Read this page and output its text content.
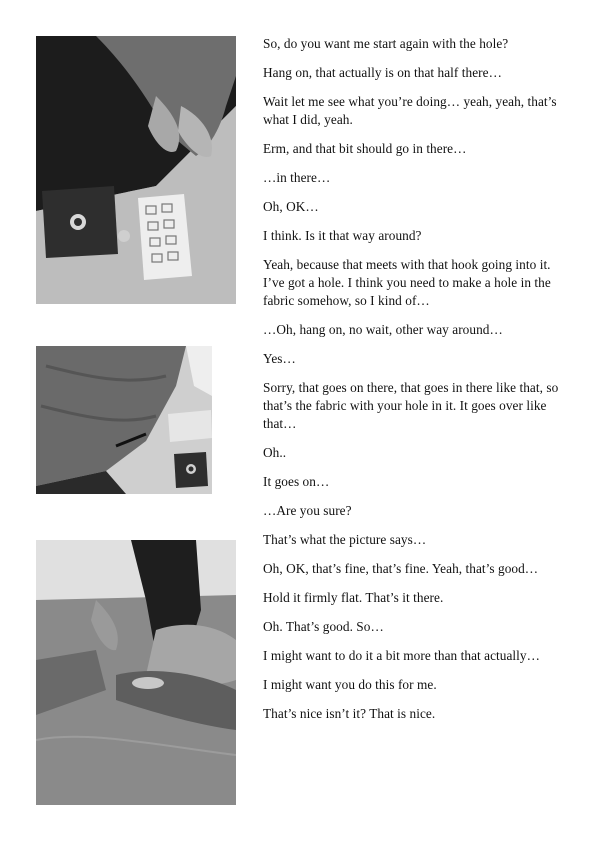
So, do you want me start again with the hole?

Hang on, that actually is on that half there…

Wait let me see what you’re doing… yeah, yeah, that’s what I did, yeah.

Erm, and that bit should go in there…

…in there…

Oh, OK…

I think. Is it that way around?

Yeah, because that meets with that hook going into it. I’ve got a hole. I think you need to make a hole in the fabric somehow, so I kind of…

…Oh, hang on, no wait, other way around…

Yes…

Sorry, that goes on there, that goes in there like that, so that’s the fabric with your hole in it. It goes over like that…

Oh..

It goes on…

…Are you sure?

That’s what the picture says…

Oh, OK, that’s fine, that’s fine. Yeah, that’s good…

Hold it firmly flat. That’s it there.

Oh. That’s good. So…

I might want to do it a bit more than that actually…

I might want you do this for me.

That’s nice isn’t it? That is nice.
